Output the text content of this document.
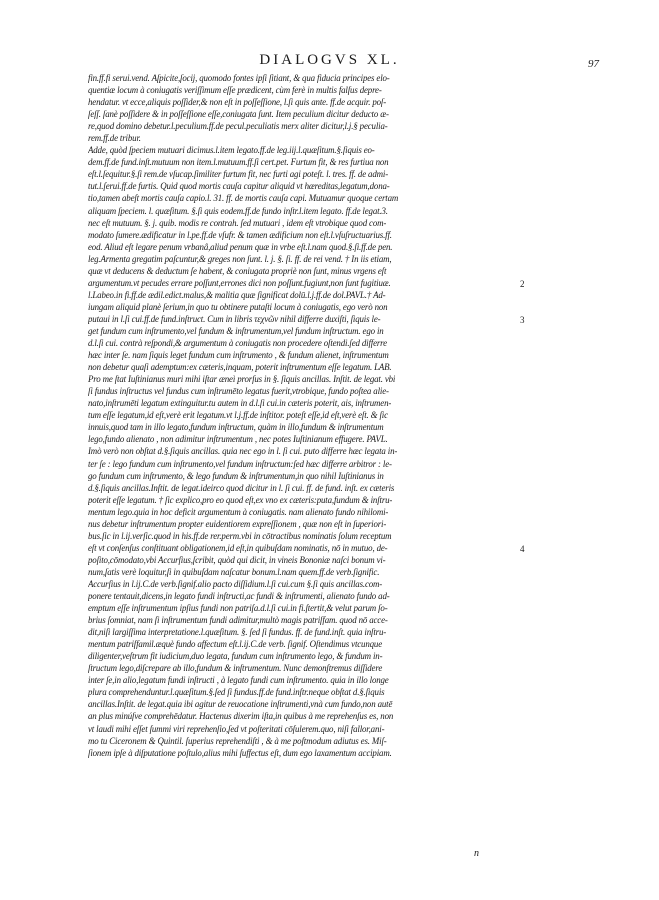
DIALOGVS XL.	97
fin.ff.fi serui.vend. Aſpicite,ſocij, quomodo fontes ipſi ſitiant, & qua fiducia principes elo-
quentiæ locum à coniugatis veriſſimum eſſe prædicent, cùm ferè in multis falſus depre-
hendatur. vt ecce,aliquis poſſider,& non eſt in poſſeſſione, l.ſi quis ante. ff.de acquir. poſ-
ſeſſ. ſanè poſſidere & in poſſeſſione eſſe,coniugata ſunt. Item peculium dicitur deducto æ-
re,quod domino debetur.l.peculium.ff.de pecul.peculiatis merx aliter dicitur,l.j.§ peculia-
rem.ff.de tribur.
Adde, quòd ſpeciem mutuari dicimus.l.item legato.ff.de leg.iij.l.quæſitum.§.ſiquis eo-
dem.ff.de fund.inſt.mutuum non item.l.mutuum.ff.ſi cert.pet. Furtum fit, & res furtiua non
eſt.l.ſequitur.§.ſi rem.de vſucap.ſimiliter furtum fit, nec furti agi poteſt. l. tres. ff. de admi-
tut.l.ſerui.ff.de furtis. Quid quod mortis cauſa capitur aliquid vt hæreditas,legatum,dona-
tio,tamen abeſt mortis cauſa capio.l. 31. ff. de mortis cauſa capi. Mutuamur quoque certam
aliquam ſpeciem. l. quæſitum. §.ſi quis eodem.ff.de fundo inſtr.l.item legato. ff.de legat.3.
nec eſt mutuum. §. j. quib. modis re contrah. ſed mutuari , idem eſt vtrobique quod com-
modato ſumere.ædificatur in l.pe.ff.de vſufr. & tamen ædificium non eſt.l.vſuſructuarius.ff.
eod. Aliud eſt legare penum vrbanâ,aliud penum quæ in vrbe eſt.l.nam quod.§.ſi.ff.de pen.
leg.Armenta gregatim paſcuntur,& greges non ſunt. l. j. §. ſi. ff. de rei vend. † In iis etiam,
quæ vt deducens & deductum ſe habent, & coniugata propriè non ſunt, minus vrgens eſt
argumentum.vt pecudes errare poſſunt,errones dici non poſſunt.fugiunt,non ſunt fugitiuæ.
l.Labeo.in fi.ff.de ædil.edict.malus,& malitia quæ ſignificat dolū.l.j.ff.de dol.PAVL.† Ad-
iungam aliquid planè ſerium,in quo tu obtinere putaſti locum à coniugatis, ego verò non
putaui in l.ſi cui.ff.de fund.inſtruct. Cum in libris τεχνῶν nihil differre duxiſti, ſiquis le-
get fundum cum inſtrumento,vel fundum & inſtrumentum,vel fundum inſtructum. ego in
d.l.ſi cui. contrà reſpondi,& argumentum à coniugatis non procedere oſtendi.ſed differre
hæc inter ſe. nam ſiquis leget fundum cum inſtrumento , & fundum alienet, inſtrumentum
non debetur quaſi ademptum:ex cæteris,inquam, poterit inſtrumentum eſſe legatum. LAB.
Pro me ſtat Iuſtinianus muri mihi iſtar æneì prorſus in §. ſiquis ancillas. Inſtit. de legat. vbi
ſi fundus inſtructus vel fundus cum inſtrumēto legatus fuerit,vtrobique, fundo poſtea alie-
nato,inſtrumēti legatum extinguitur.tu autem in d.l.ſi cui.in cæteris poterit, ais, inſtrumen-
tum eſſe legatum,id eſt,verè erit legatum.vt l.j.ff.de inſtitor. poteſt eſſe,id eſt,verè eſt. & ſic
innuis,quod tam in illo legato,fundum inſtructum, quàm in illo,fundum & inſtrumentum
lego,fundo alienato , non adimitur inſtrumentum , nec potes Iuſtinianum effugere. PAVL.
Imò verò non obſtat d.§.ſiquis ancillas. quia nec ego in l. ſi cui. puto differre hæc legata in-
ter ſe : lego fundum cum inſtrumento,vel fundum inſtructum:ſed hæc differre arbitror : le-
go fundum cum inſtrumento, & lego fundum & inſtrumentum,in quo nihil Iuſtinianus in
d.§.ſiquis ancillas.Inſtit. de legat.ideirco quod dicitur in l. ſi cui. ff. de fund. inſt. ex cæteris
poterit eſſe legatum. † ſic explico,pro eo quod eſt,ex vno ex cæteris:puta,fundum & inſtru-
mentum lego.quia in hoc deficit argumentum à coniugatis. nam alienato fundo nihilomi-
nus debetur inſtrumentum propter euidentiorem expreſſionem , quæ non eſt in ſuperiori-
bus.ſic in l.ij.verſic.quod in his.ff.de rer.perm.vbi in cōtractibus nominatis ſolum receptum
eſt vt conſenſus conſtituant obligationem,id eſt,in quibuſdam nominatis, nō in mutuo, de-
poſito,cōmodato,vbi Accurſius,ſcribit, quòd qui dicit, in vineis Bononiæ naſci bonum vi-
num,ſatis verè loquitur,ſi in quibuſdam naſcatur bonum.l.nam quem.ff.de verb.ſignific.
Accurſius in l.ij.C.de verb.ſignif.alio pacto diſſidium.l.ſi cui.cum §.ſi quis ancillas.com-
ponere tentauit,dicens,in legato fundi inſtructi,ac fundi & inſtrumenti, alienato fundo ad-
emptum eſſe inſtrumentum ipſius fundi non patriſa.d.l.ſi cui.in fi.ſtertit,& velut parum ſo-
brius ſomniat, nam ſi inſtrumentum fundi adimitur,multò magis patriſfam. quod nō acce-
dit,niſi largiſſima interpretatione.l.quæſitum. §. ſed ſi fundus. ff. de fund.inſt. quia inſtru-
mentum patriſfamil.æquè fundo affectum eſt.l.ij.C.de verb. ſignif. Oſtendimus vtcunque
diligenter,veſtrum fit iudicium,duo legata, fundum cum inſtrumento lego, & fundum in-
ſtructum lego,diſcrepare ab illo,fundum & inſtrumentum. Nunc demonſtremus diſſidere
inter ſe,in alio,legatum fundi inſtructi , à legato fundi cum inſtrumento. quia in illo longe
plura comprehenduntur.l.quæſitum.§.ſed ſi fundus.ff.de fund.inſtr.neque obſtat d.§.ſiquis
ancillas.Inſtit. de legat.quia ibi agitur de reuocatione inſtrumenti,vnà cum fundo,non autē
an plus minúſve comprehēdatur. Hactenus dixerim iſta,in quibus à me reprehenſus es, non
vt laudi mihi eſſet ſummi viri reprehenſio,ſed vt poſteritati cōſulerem.quo, niſi fallor,ani-
mo tu Ciceronem & Quintil. ſuperius reprehendiſti , & à me poſtmodum adiutus es. Miſ-
ſionem ipſe à diſputatione poſtulo,alius mihi ſuffectus eſt, dum ego laxamentum accipiam.
2
3
4
n
